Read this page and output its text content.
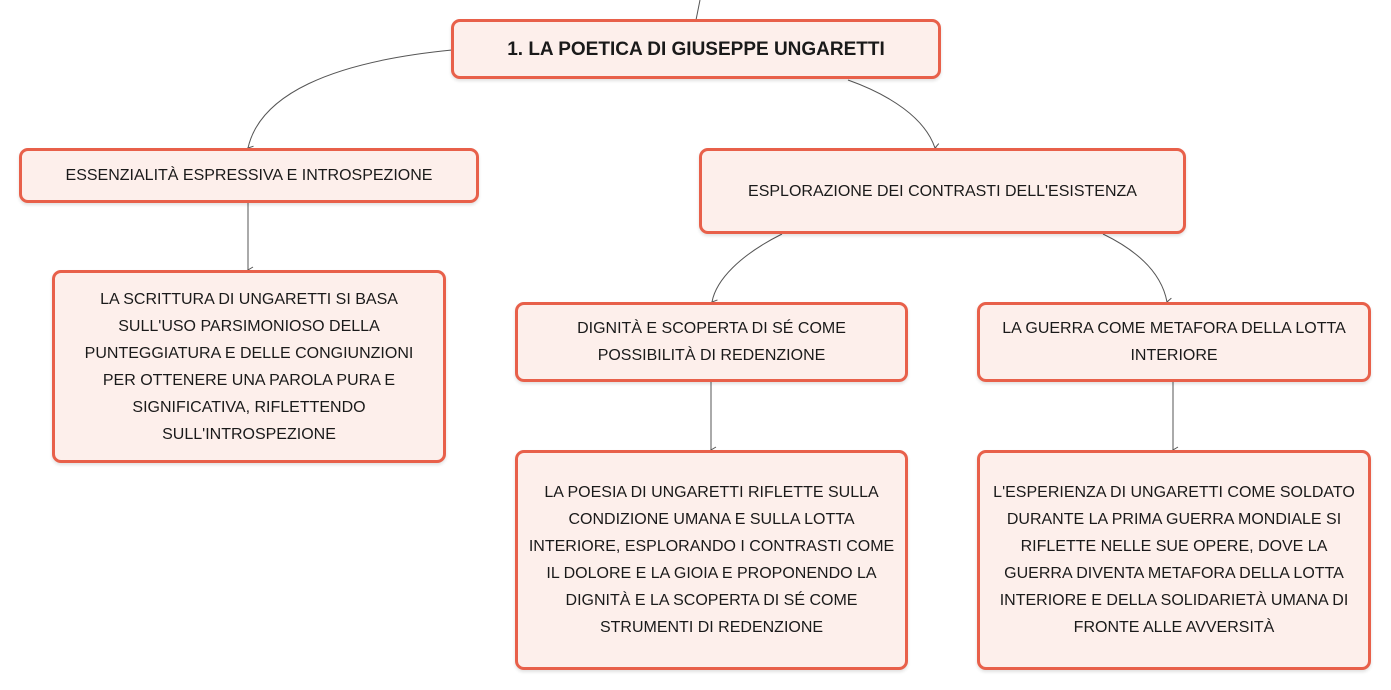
1. LA POETICA DI GIUSEPPE UNGARETTI
ESSENZIALITÀ ESPRESSIVA E INTROSPEZIONE
ESPLORAZIONE DEI CONTRASTI DELL'ESISTENZA
LA SCRITTURA DI UNGARETTI SI BASA SULL'USO PARSIMONIOSO DELLA PUNTEGGIATURA E DELLE CONGIUNZIONI PER OTTENERE UNA PAROLA PURA E SIGNIFICATIVA, RIFLETTENDO SULL'INTROSPEZIONE
DIGNITÀ E SCOPERTA DI SÉ COME POSSIBILITÀ DI REDENZIONE
LA GUERRA COME METAFORA DELLA LOTTA INTERIORE
LA POESIA DI UNGARETTI RIFLETTE SULLA CONDIZIONE UMANA E SULLA LOTTA INTERIORE, ESPLORANDO I CONTRASTI COME IL DOLORE E LA GIOIA E PROPONENDO LA DIGNITÀ E LA SCOPERTA DI SÉ COME STRUMENTI DI REDENZIONE
L'ESPERIENZA DI UNGARETTI COME SOLDATO DURANTE LA PRIMA GUERRA MONDIALE SI RIFLETTE NELLE SUE OPERE, DOVE LA GUERRA DIVENTA METAFORA DELLA LOTTA INTERIORE E DELLA SOLIDARIETÀ UMANA DI FRONTE ALLE AVVERSITÀ
